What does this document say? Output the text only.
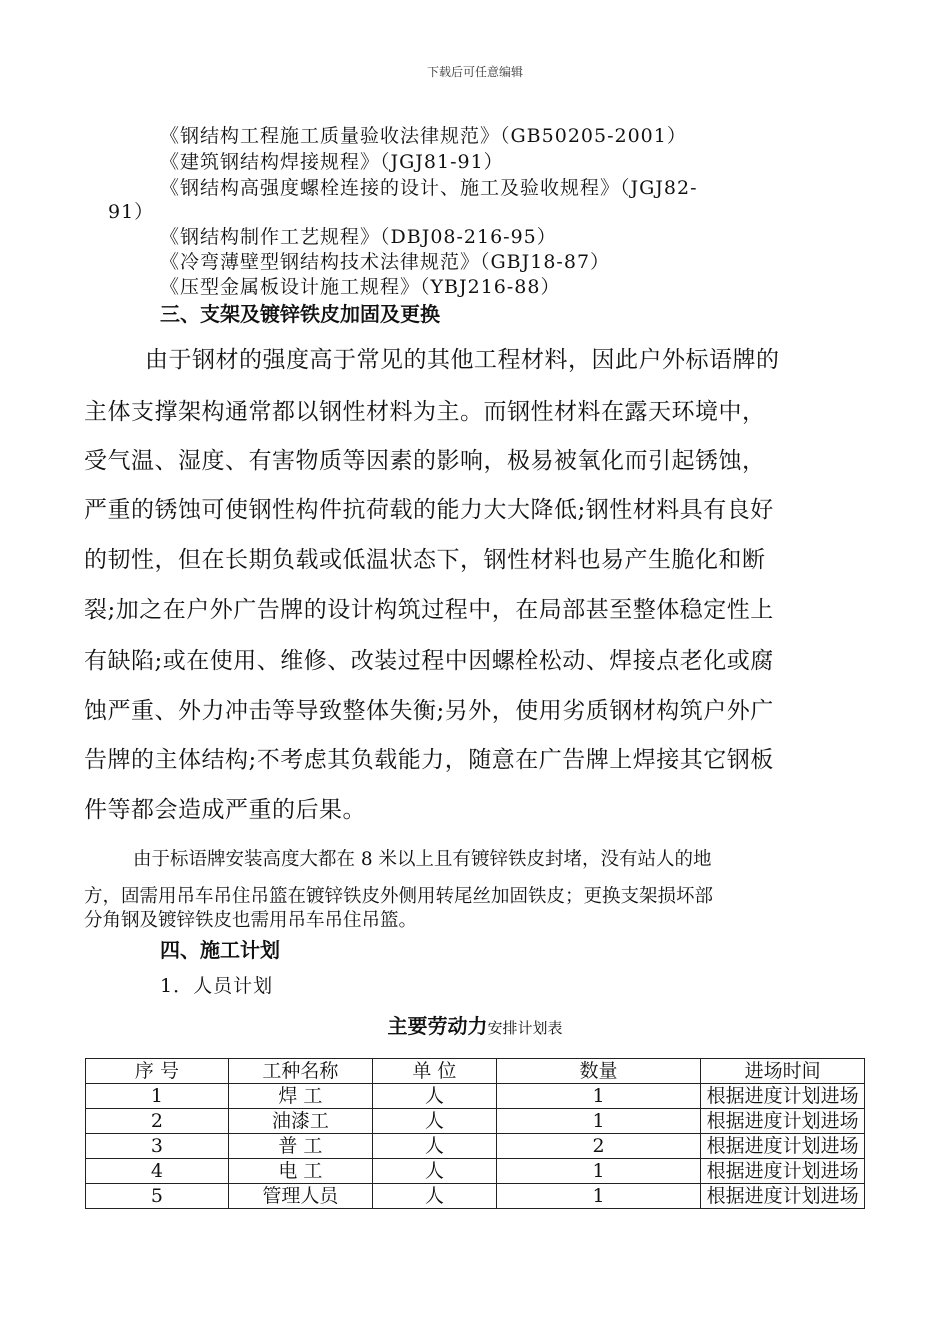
下载后可任意编辑
《钢结构工程施工质量验收法律规范》（GB50205-2001）
《建筑钢结构焊接规程》（JGJ81-91）
《钢结构高强度螺栓连接的设计、施工及验收规程》（JGJ82-
91）
《钢结构制作工艺规程》（DBJ08-216-95）
《冷弯薄壁型钢结构技术法律规范》（GBJ18-87）
《压型金属板设计施工规程》（YBJ216-88）
三、支架及镀锌铁皮加固及更换
由于钢材的强度高于常见的其他工程材料，因此户外标语牌的
主体支撑架构通常都以钢性材料为主。而钢性材料在露天环境中，
受气温、湿度、有害物质等因素的影响，极易被氧化而引起锈蚀，
严重的锈蚀可使钢性构件抗荷载的能力大大降低;钢性材料具有良好
的韧性，但在长期负载或低温状态下，钢性材料也易产生脆化和断
裂;加之在户外广告牌的设计构筑过程中，在局部甚至整体稳定性上
有缺陷;或在使用、维修、改装过程中因螺栓松动、焊接点老化或腐
蚀严重、外力冲击等导致整体失衡;另外，使用劣质钢材构筑户外广
告牌的主体结构;不考虑其负载能力，随意在广告牌上焊接其它钢板
件等都会造成严重的后果。
由于标语牌安装高度大都在 8 米以上且有镀锌铁皮封堵，没有站人的地
方，固需用吊车吊住吊篮在镀锌铁皮外侧用转尾丝加固铁皮；更换支架损坏部
分角钢及镀锌铁皮也需用吊车吊住吊篮。
四、施工计划
1．人员计划
主要劳动力安排计划表
序 号	工种名称	单 位	数量	进场时间
1	焊 工	人	1	根据进度计划进场
2	油漆工	人	1	根据进度计划进场
3	普 工	人	2	根据进度计划进场
4	电 工	人	1	根据进度计划进场
5	管理人员	人	1	根据进度计划进场
